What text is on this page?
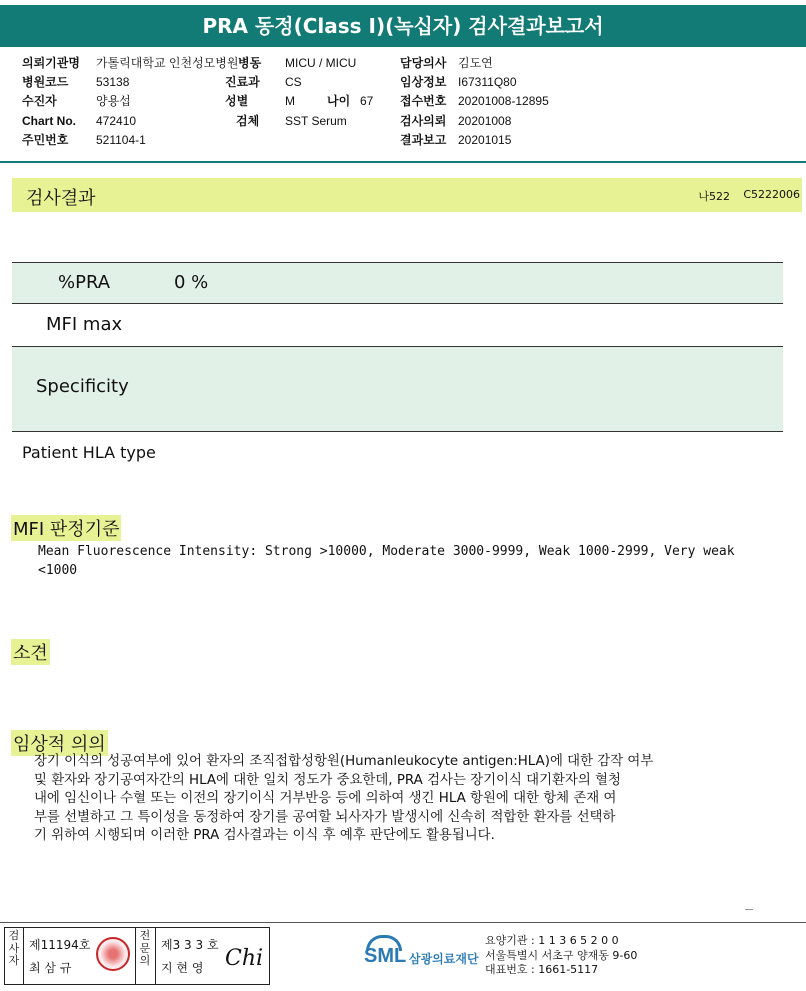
PRA 동정(Class I)(녹십자) 검사결과보고서
의뢰기관명 가톨릭대학교 인천성모병원 병동 MICU / MICU	담당의사 김도연
병원코드 53138	진료과 CS	임상정보 I67311Q80
수진자	양용섭	성별	M	나이 67 접수번호 20201008-12895
Chart No. 472410	검체 SST Serum	검사의뢰 20201008
주민번호 521104-1	결과보고 20201015
검사결과	나522 C5222006
%PRA	0 %
MFI max
Specificity
Patient HLA type
MFI 판정기준
Mean Fluorescence Intensity: Strong >10000, Moderate 3000-9999, Weak 1000-2999, Very weak
<1000
소견
임상적 의의

장기 이식의 성공여부에 있어 환자의 조직접합성항원(Humanleukocyte antigen:HLA)에 대한 감작 여부

및 환자와 장기공여자간의 HLA에 대한 일치 정도가 중요한데, PRA 검사는 장기이식 대기환자의 혈청

내에 임신이나 수혈 또는 이전의 장기이식 거부반응 등에 의하여 생긴 HLA 항원에 대한 항체 존재 여

부를 선별하고 그 특이성을 동정하여 장기를 공여할 뇌사자가 발생시에 신속히 적합한 환자를 선택하

기 위하여 시행되며 이러한 PRA 검사결과는 이식 후 예후 판단에도 활용됩니다.

검사자
제11194호
최 삼 규
전문의
제3 3 3 호
지 현 영 Chi	SML 삼광의료재단
요양기관 : 1 1 3 6 5 2 0 0
서울특별시 서초구 양재동 9-60
대표번호 : 1661-5117
